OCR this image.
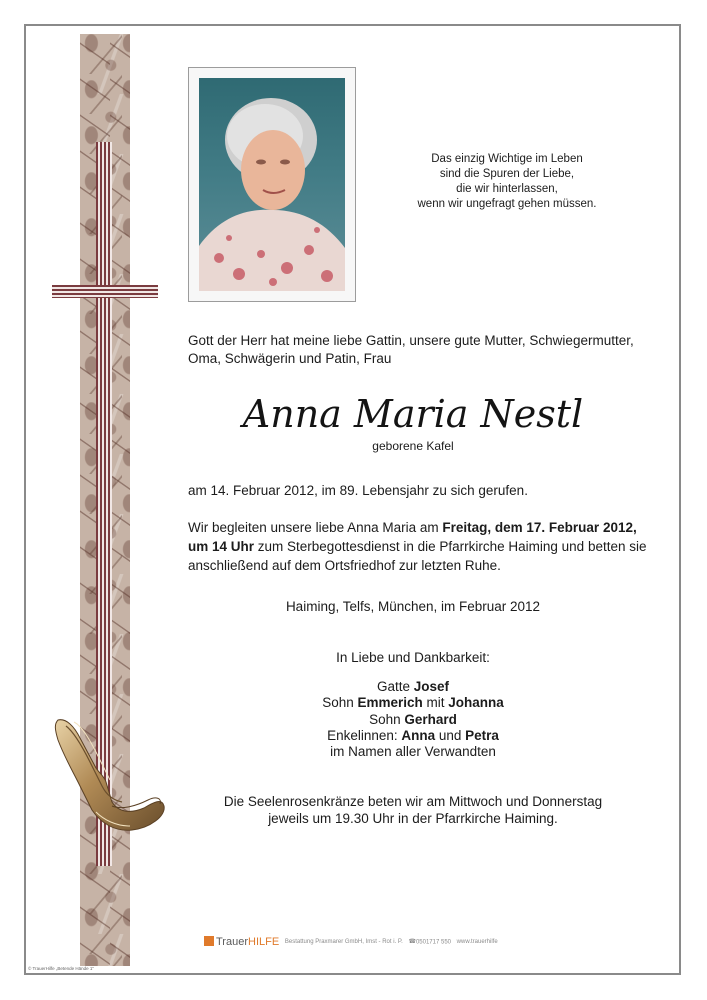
Das einzig Wichtige im Leben
sind die Spuren der Liebe,
die wir hinterlassen,
wenn wir ungefragt gehen müssen.
Gott der Herr hat meine liebe Gattin, unsere gute Mutter, Schwiegermutter, Oma, Schwägerin und Patin, Frau
Anna Maria Nestl
geborene Kafel
am 14. Februar 2012, im 89. Lebensjahr zu sich gerufen.
Wir begleiten unsere liebe Anna Maria am Freitag, dem 17. Februar 2012, um 14 Uhr zum Sterbegottesdienst in die Pfarrkirche Haiming und betten sie anschließend auf dem Ortsfriedhof zur letzten Ruhe.
Haiming, Telfs, München, im Februar 2012
In Liebe und Dankbarkeit:
Gatte Josef
Sohn Emmerich mit Johanna
Sohn Gerhard
Enkelinnen: Anna und Petra
im Namen aller Verwandten
Die Seelenrosenkränze beten wir am Mittwoch und Donnerstag
jeweils um 19.30 Uhr in der Pfarrkirche Haiming.
TrauerHILFE Bestattung Praxmarer GmbH, Imst - Rot i. P. ☎0501717 550 www.trauerhilfe
© TrauerHilfe „Betende Hände 1"
